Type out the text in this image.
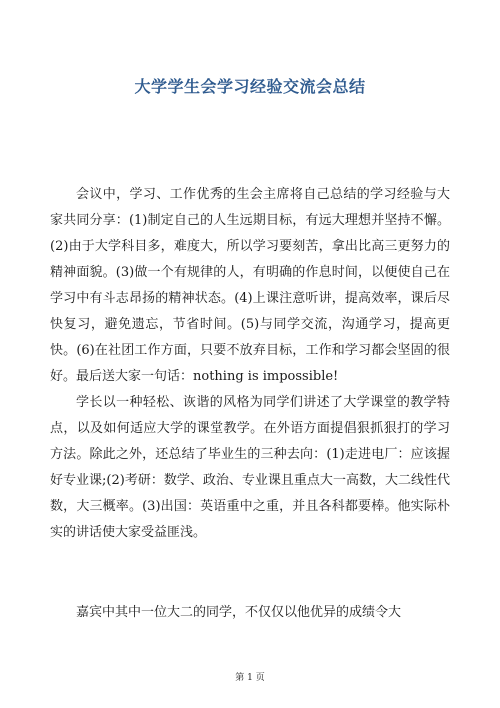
大学学生会学习经验交流会总结

会议中，学习、工作优秀的生会主席将自己总结的学习经验与大家共同分享：(1)制定自己的人生远期目标，有远大理想并坚持不懈。(2)由于大学科目多，难度大，所以学习要刻苦，拿出比高三更努力的精神面貌。(3)做一个有规律的人，有明确的作息时间，以便使自己在学习中有斗志昂扬的精神状态。(4)上课注意听讲，提高效率，课后尽快复习，避免遗忘，节省时间。(5)与同学交流，沟通学习，提高更快。(6)在社团工作方面，只要不放弃目标，工作和学习都会坚固的很好。最后送大家一句话：nothing is impossible!

学长以一种轻松、诙谐的风格为同学们讲述了大学课堂的教学特点，以及如何适应大学的课堂教学。在外语方面提倡狠抓狠打的学习方法。除此之外，还总结了毕业生的三种去向：(1)走进电厂：应该握好专业课;(2)考研：数学、政治、专业课且重点大一高数，大二线性代数，大三概率。(3)出国：英语重中之重，并且各科都要棒。他实际朴实的讲话使大家受益匪浅。

嘉宾中其中一位大二的同学，不仅仅以他优异的成绩令大

第 1 页
